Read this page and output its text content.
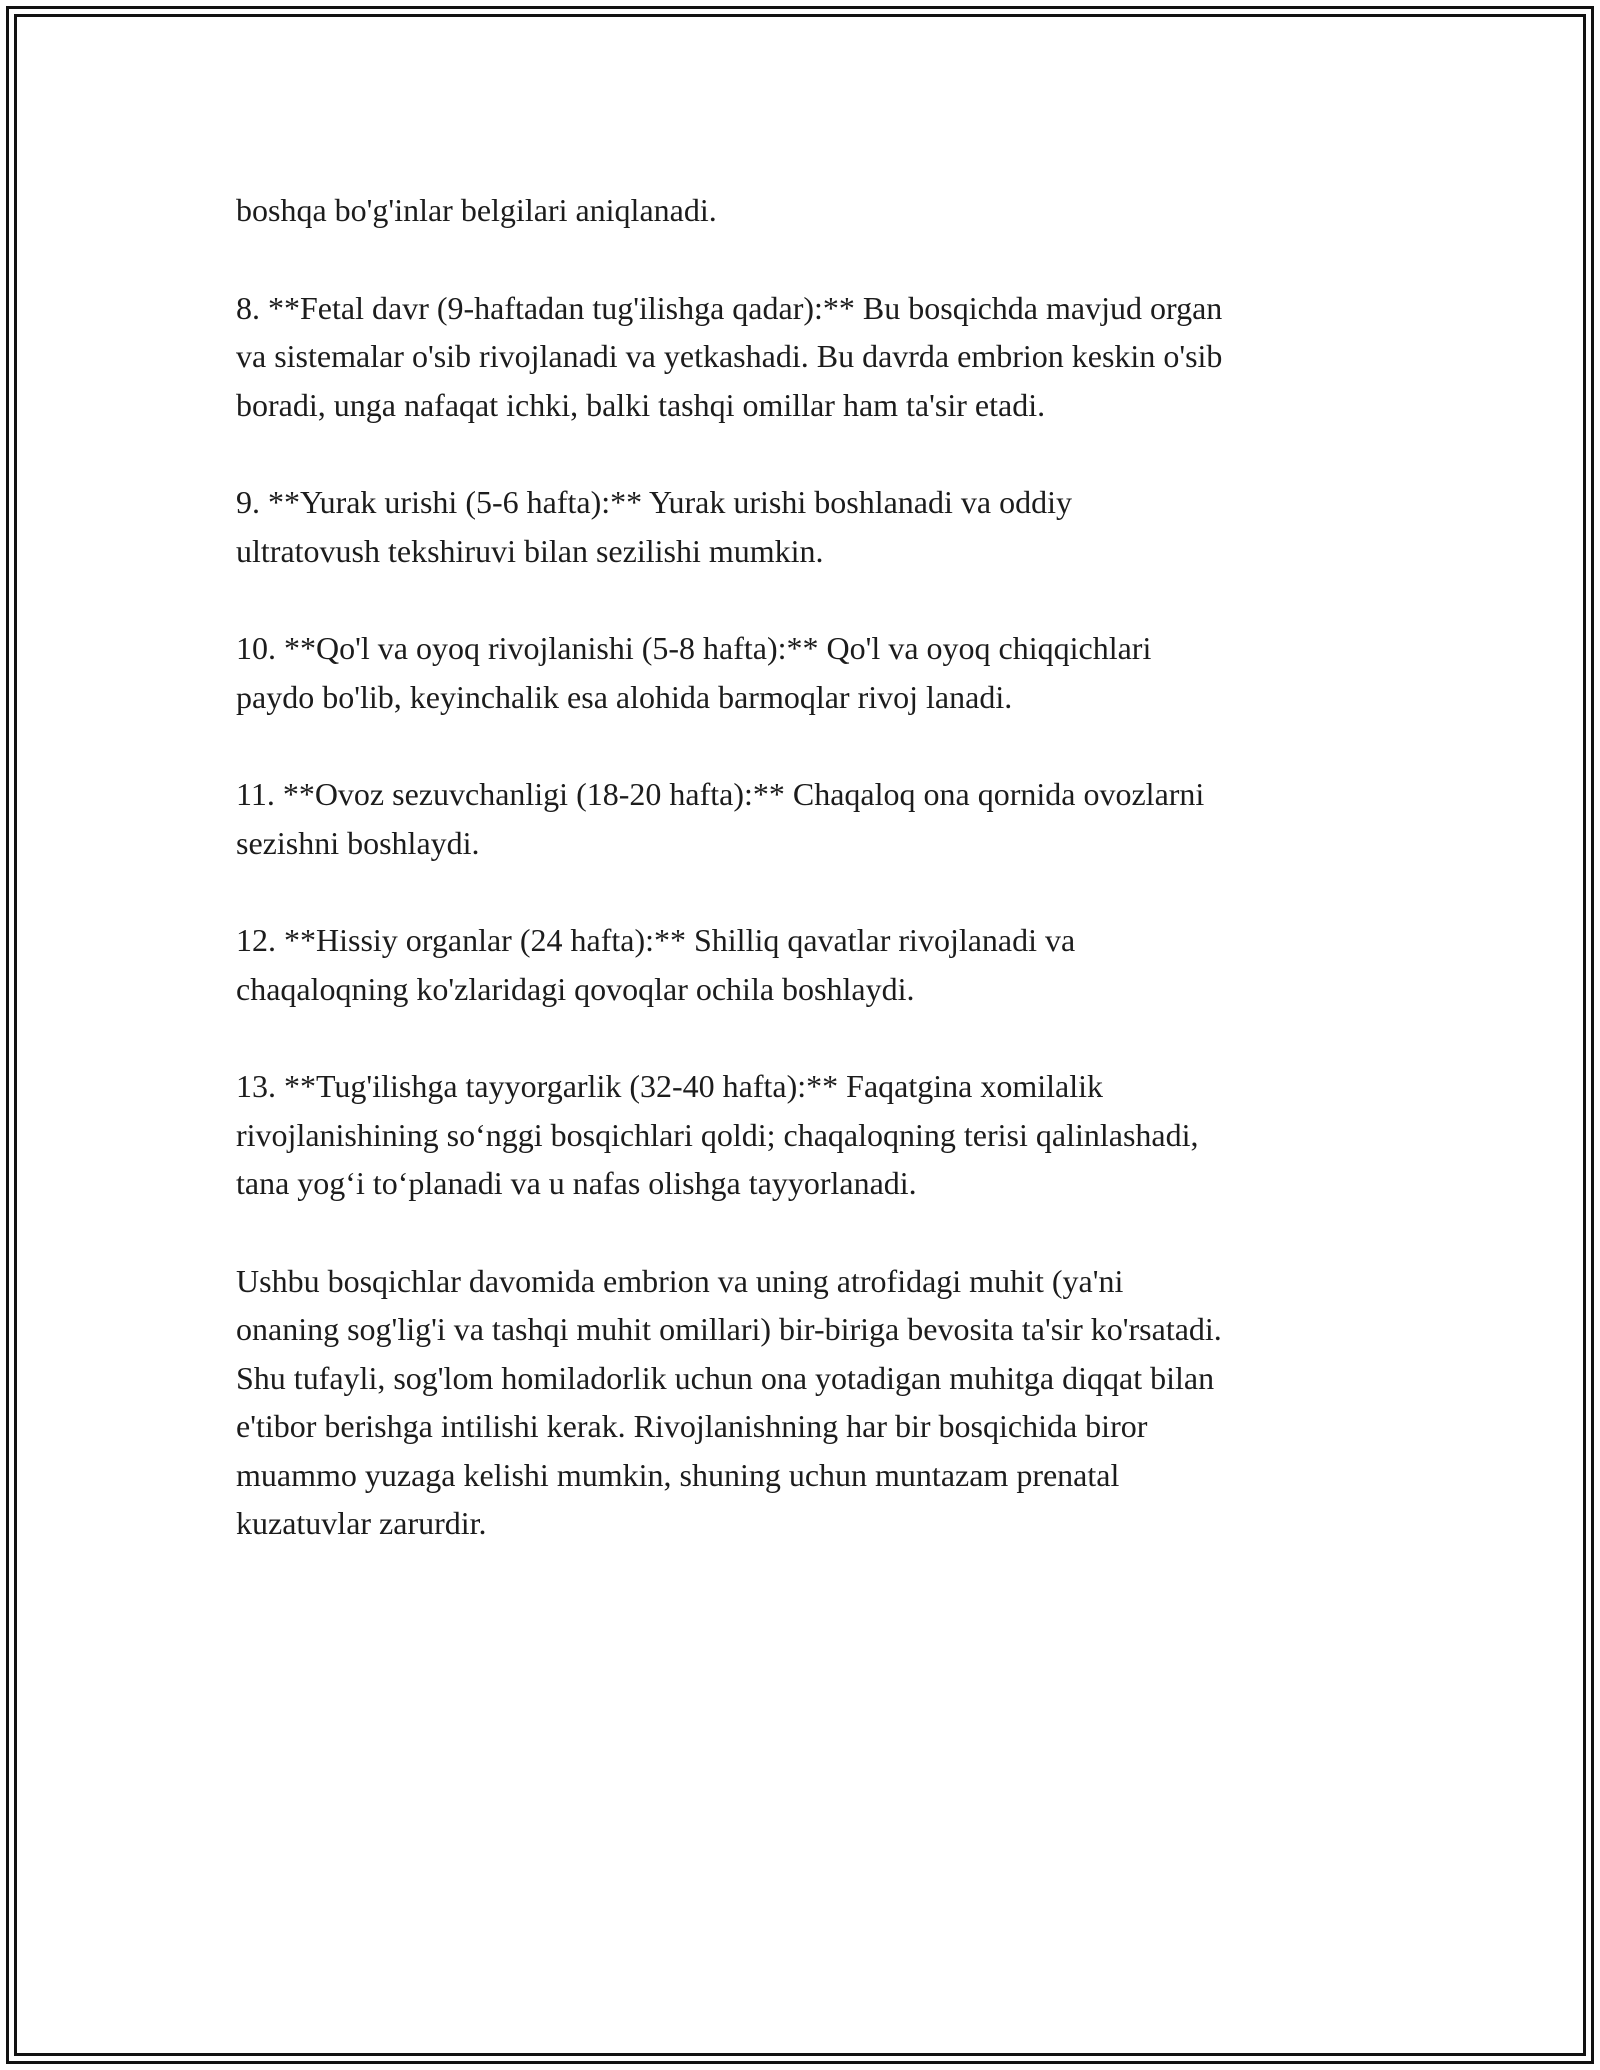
boshqa bo'g'inlar belgilari aniqlanadi.

8. **Fetal davr (9-haftadan tug'ilishga qadar):** Bu bosqichda mavjud organ
va sistemalar o'sib rivojlanadi va yetkashadi. Bu davrda embrion keskin o'sib
boradi, unga nafaqat ichki, balki tashqi omillar ham ta'sir etadi.

9. **Yurak urishi (5-6 hafta):** Yurak urishi boshlanadi va oddiy
ultratovush tekshiruvi bilan sezilishi mumkin.

10. **Qo'l va oyoq rivojlanishi (5-8 hafta):** Qo'l va oyoq chiqqichlari
paydo bo'lib, keyinchalik esa alohida barmoqlar rivoj lanadi.

11. **Ovoz sezuvchanligi (18-20 hafta):** Chaqaloq ona qornida ovozlarni
sezishni boshlaydi.

12. **Hissiy organlar (24 hafta):** Shilliq qavatlar rivojlanadi va
chaqaloqning ko'zlaridagi qovoqlar ochila boshlaydi.

13. **Tug'ilishga tayyorgarlik (32-40 hafta):** Faqatgina xomilalik
rivojlanishining so‘nggi bosqichlari qoldi; chaqaloqning terisi qalinlashadi,
tana yog‘i to‘planadi va u nafas olishga tayyorlanadi.

Ushbu bosqichlar davomida embrion va uning atrofidagi muhit (ya'ni
onaning sog'lig'i va tashqi muhit omillari) bir-biriga bevosita ta'sir ko'rsatadi.
Shu tufayli, sog'lom homiladorlik uchun ona yotadigan muhitga diqqat bilan
e'tibor berishga intilishi kerak. Rivojlanishning har bir bosqichida biror
muammo yuzaga kelishi mumkin, shuning uchun muntazam prenatal
kuzatuvlar zarurdir.
